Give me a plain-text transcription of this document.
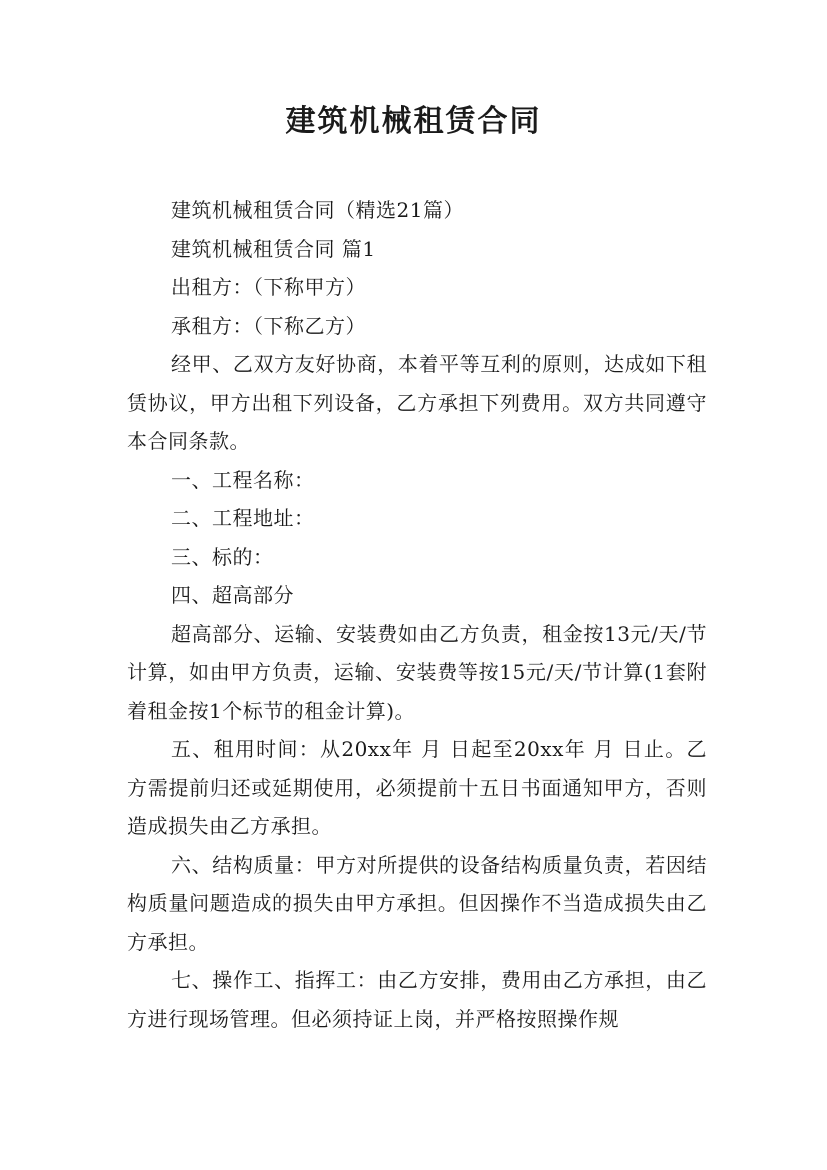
建筑机械租赁合同

建筑机械租赁合同（精选21篇）

建筑机械租赁合同 篇1

出租方：（下称甲方）

承租方：（下称乙方）

经甲、乙双方友好协商，本着平等互利的原则，达成如下租赁协议，甲方出租下列设备，乙方承担下列费用。双方共同遵守本合同条款。

一、工程名称：

二、工程地址：

三、标的：

四、超高部分

超高部分、运输、安装费如由乙方负责，租金按13元/天/节计算，如由甲方负责，运输、安装费等按15元/天/节计算(1套附着租金按1个标节的租金计算)。

五、租用时间：从20xx年 月 日起至20xx年 月 日止。乙方需提前归还或延期使用，必须提前十五日书面通知甲方，否则造成损失由乙方承担。

六、结构质量：甲方对所提供的设备结构质量负责，若因结构质量问题造成的损失由甲方承担。但因操作不当造成损失由乙方承担。

七、操作工、指挥工：由乙方安排，费用由乙方承担，由乙方进行现场管理。但必须持证上岗，并严格按照操作规
